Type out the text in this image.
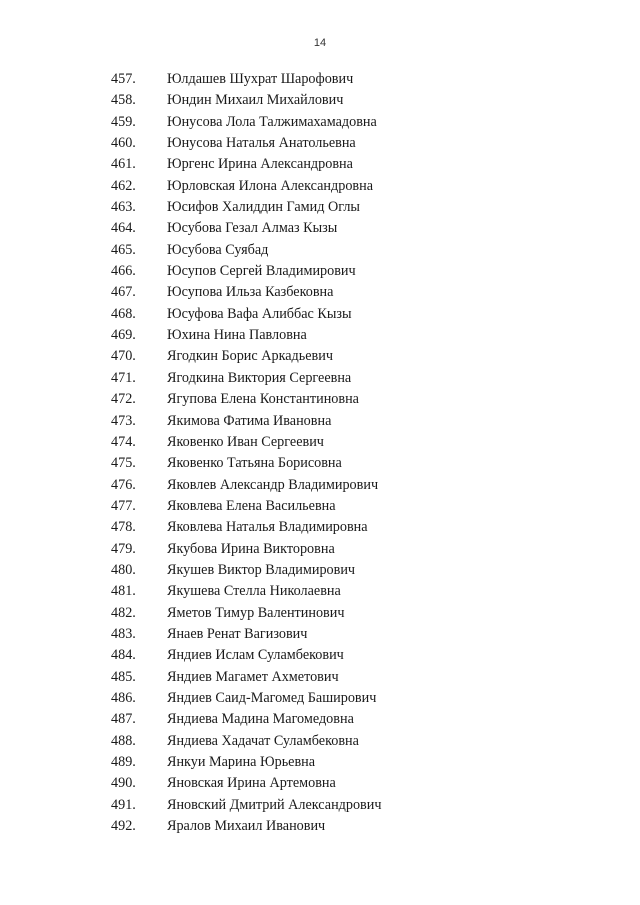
14
457. Юлдашев Шухрат Шарофович
458. Юндин Михаил Михайлович
459. Юнусова Лола Талжимахамадовна
460. Юнусова Наталья Анатольевна
461. Юргенс Ирина Александровна
462. Юрловская Илона Александровна
463. Юсифов Халиддин Гамид Оглы
464. Юсубова Гезал Алмаз Кызы
465. Юсубова Суябад
466. Юсупов Сергей Владимирович
467. Юсупова Ильза Казбековна
468. Юсуфова Вафа Алиббас Кызы
469. Юхина Нина Павловна
470. Ягодкин Борис Аркадьевич
471. Ягодкина Виктория Сергеевна
472. Ягупова Елена Константиновна
473. Якимова Фатима Ивановна
474. Яковенко Иван Сергеевич
475. Яковенко Татьяна Борисовна
476. Яковлев Александр Владимирович
477. Яковлева Елена Васильевна
478. Яковлева Наталья Владимировна
479. Якубова Ирина Викторовна
480. Якушев Виктор Владимирович
481. Якушева Стелла Николаевна
482. Яметов Тимур Валентинович
483. Янаев Ренат Вагизович
484. Яндиев Ислам Суламбекович
485. Яндиев Магамет Ахметович
486. Яндиев Саид-Магомед Баширович
487. Яндиева Мадина Магомедовна
488. Яндиева Хадачат Суламбековна
489. Янкуи Марина Юрьевна
490. Яновская Ирина Артемовна
491. Яновский Дмитрий Александрович
492. Яралов Михаил Иванович
